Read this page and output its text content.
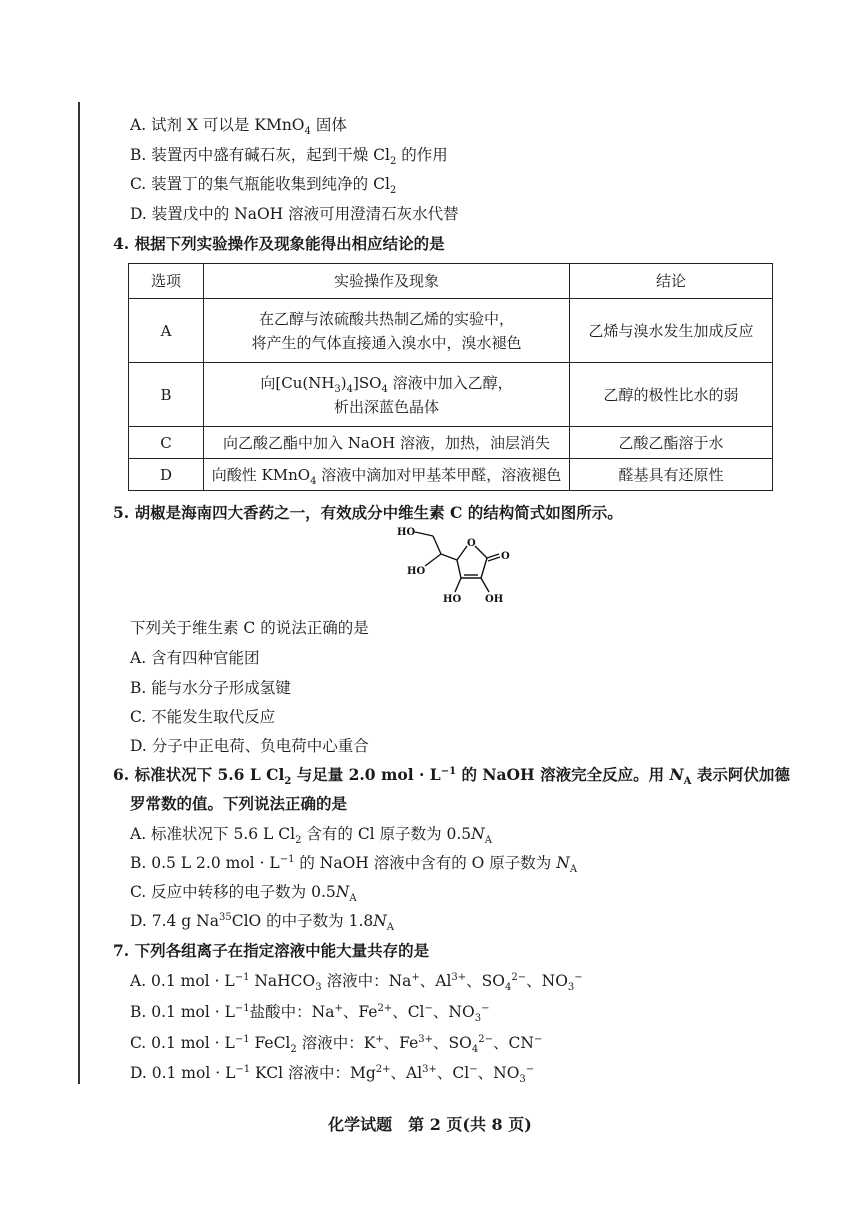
A. 试剂 X 可以是 KMnO$_4$ 固体
B. 装置丙中盛有碱石灰，起到干燥 $Cl_2$ 的作用
C. 装置丁的集气瓶能收集到纯净的 $Cl_2$
D. 装置戊中的 NaOH 溶液可用澄清石灰水代替
4. 根据下列实验操作及现象能得出相应结论的是
选项	实验操作及现象	结论
A	在乙醇与浓硫酸共热制乙烯的实验中，
将产生的气体直接通入溴水中，溴水褪色	乙烯与溴水发生加成反应
B	向$[Cu(NH_3)_4]SO_4$ 溶液中加入乙醇，
析出深蓝色晶体	乙醇的极性比水的弱
C	向乙酸乙酯中加入 NaOH 溶液，加热，油层消失	乙酸乙酯溶于水
D	向酸性 KMnO$_4$ 溶液中滴加对甲基苯甲醛，溶液褪色	醛基具有还原性
5. 胡椒是海南四大香药之一，有效成分中维生素 C 的结构简式如图所示。
HO
HO
O
O
HO OH
下列关于维生素 C 的说法正确的是
A. 含有四种官能团
B. 能与水分子形成氢键
C. 不能发生取代反应
D. 分子中正电荷、负电荷中心重合
6. 标准状况下 5.6 L $Cl_2$ 与足量 2.0 mol · $L^{-1}$ 的 NaOH 溶液完全反应。用 $N_A$ 表示阿伏加德
罗常数的值。下列说法正确的是
A. 标准状况下 5.6 L $Cl_2$ 含有的 Cl 原子数为 $0.5N_A$
B. 0.5 L 2.0 mol · $L^{-1}$ 的 NaOH 溶液中含有的 O 原子数为 $N_A$
C. 反应中转移的电子数为 $0.5N_A$
D. 7.4 g Na$^{35}$ClO 的中子数为 $1.8N_A$
7. 下列各组离子在指定溶液中能大量共存的是
A. 0.1 mol · $L^{-1}$ NaHCO$_3$ 溶液中：Na+、$Al^{3+}$、$SO_4^{2-}$、$NO_3^-$
B. 0.1 mol · $L^{-1}$盐酸中：Na+、$Fe^{2+}$、Cl−、$NO_3^-$
C. 0.1 mol · $L^{-1}$ FeCl$_2$ 溶液中：K+、$Fe^{3+}$、$SO_4^{2-}$、CN−
D. 0.1 mol · $L^{-1}$ KCl 溶液中：$Mg^{2+}$、$Al^{3+}$、Cl−、$NO_3^-$
化学试题　第 2 页(共 8 页)
